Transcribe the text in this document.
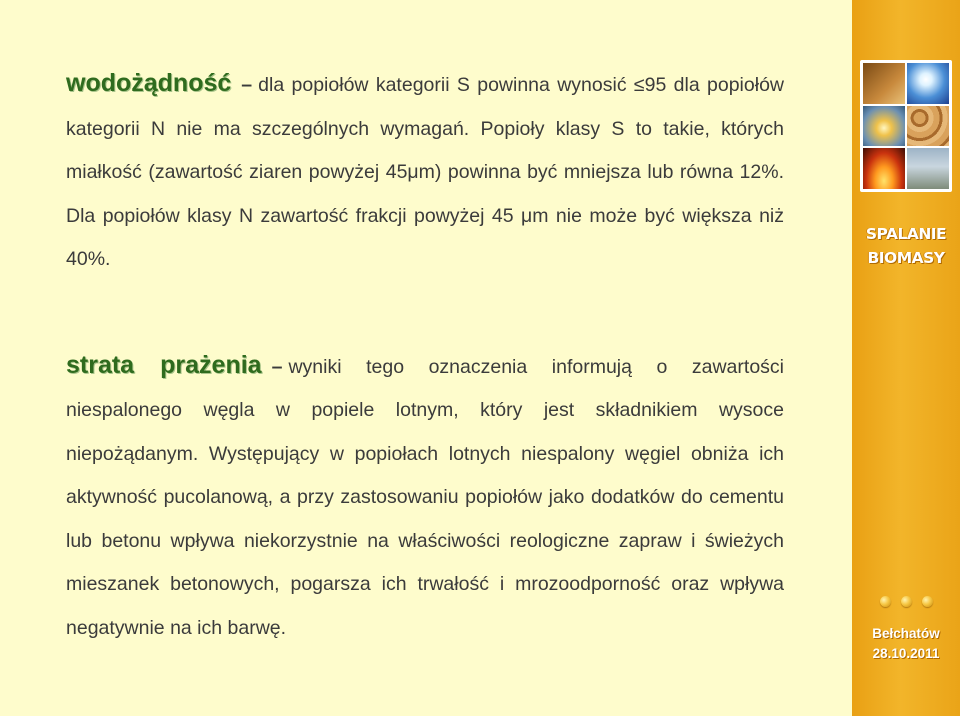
wodożądność – dla popiołów kategorii S powinna wynosić ≤95 dla popiołów kategorii N nie ma szczególnych wymagań. Popioły klasy S to takie, których miałkość (zawartość ziaren powyżej 45μm) powinna być mniejsza lub równa 12%. Dla popiołów klasy N zawartość frakcji powyżej 45 μm nie może być większa niż 40%.

strata prażenia – wyniki tego oznaczenia informują o zawartości niespalonego węgla w popiele lotnym, który jest składnikiem wysoce niepożądanym. Występujący w popiołach lotnych niespalony węgiel obniża ich aktywność pucolanową, a przy zastosowaniu popiołów jako dodatków do cementu lub betonu wpływa niekorzystnie na właściwości reologiczne zapraw i świeżych mieszanek betonowych, pogarsza ich trwałość i mrozoodporność oraz wpływa negatywnie na ich barwę.

SPALANIE
BIOMASY
Bełchatów
28.10.2011
